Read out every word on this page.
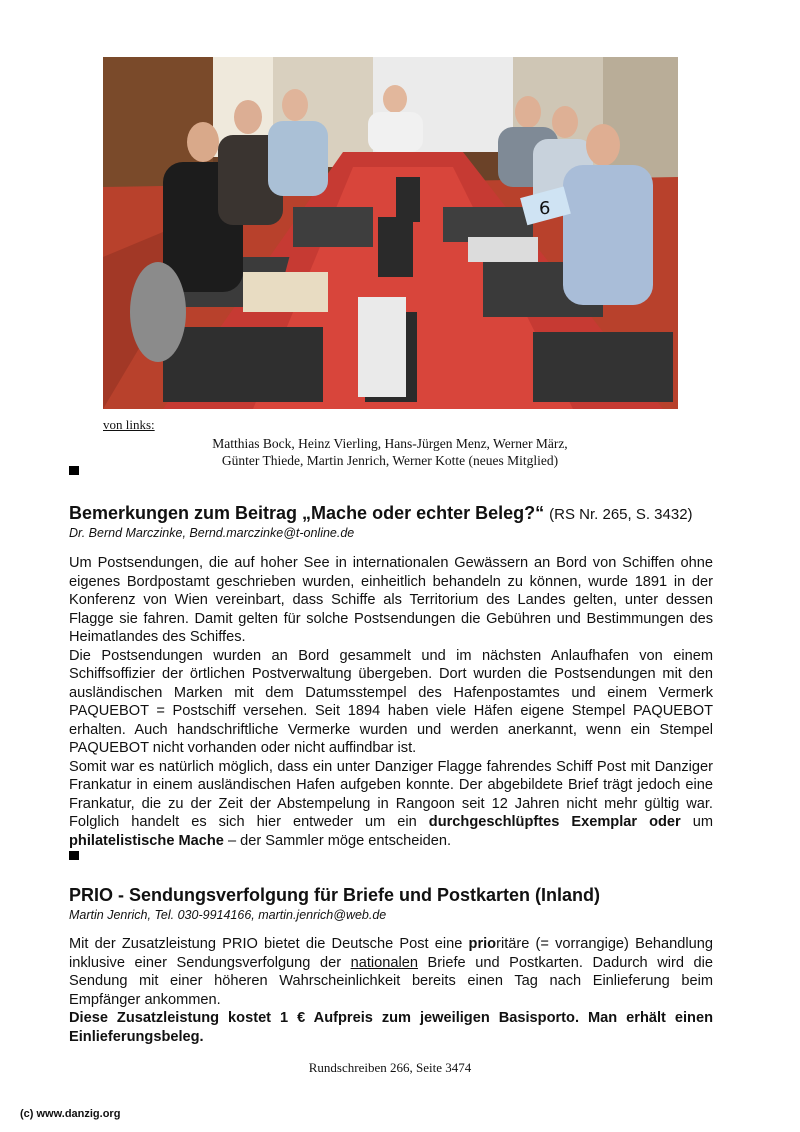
6
von links:
Matthias Bock, Heinz Vierling, Hans-Jürgen Menz, Werner März,
Günter Thiede, Martin Jenrich, Werner Kotte (neues Mitglied)
Bemerkungen zum Beitrag „Mache oder echter Beleg?“ (RS Nr. 265, S. 3432)
Dr. Bernd Marczinke, Bernd.marczinke@t-online.de

Um Postsendungen, die auf hoher See in internationalen Gewässern an Bord von Schiffen ohne eigenes Bordpostamt geschrieben wurden, einheitlich behandeln zu können, wurde 1891 in der Konferenz von Wien vereinbart, dass Schiffe als Territorium des Landes gelten, unter dessen Flagge sie fahren. Damit gelten für solche Postsendungen die Gebühren und Bestimmungen des Heimatlandes des Schiffes.

Die Postsendungen wurden an Bord gesammelt und im nächsten Anlaufhafen von einem Schiffsoffizier der örtlichen Postverwaltung übergeben. Dort wurden die Postsendungen mit den ausländischen Marken mit dem Datumsstempel des Hafenpostamtes und einem Vermerk PAQUEBOT = Postschiff versehen. Seit 1894 haben viele Häfen eigene Stempel PAQUEBOT erhalten. Auch handschriftliche Vermerke wurden und werden anerkannt, wenn ein Stempel PAQUEBOT nicht vorhanden oder nicht auffindbar ist.

Somit war es natürlich möglich, dass ein unter Danziger Flagge fahrendes Schiff Post mit Danziger Frankatur in einem ausländischen Hafen aufgeben konnte. Der abgebildete Brief trägt jedoch eine Frankatur, die zu der Zeit der Abstempelung in Rangoon seit 12 Jahren nicht mehr gültig war. Folglich handelt es sich hier entweder um ein durchgeschlüpftes Exemplar oder um philatelistische Mache – der Sammler möge entscheiden.

PRIO - Sendungsverfolgung für Briefe und Postkarten (Inland)
Martin Jenrich, Tel. 030-9914166, martin.jenrich@web.de

Mit der Zusatzleistung PRIO bietet die Deutsche Post eine prioritäre (= vorrangige) Behandlung inklusive einer Sendungsverfolgung der nationalen Briefe und Postkarten. Dadurch wird die Sendung mit einer höheren Wahrscheinlichkeit bereits einen Tag nach Einlieferung beim Empfänger ankommen.

Diese Zusatzleistung kostet 1 € Aufpreis zum jeweiligen Basisporto. Man erhält einen Einlieferungsbeleg.

Rundschreiben 266, Seite 3474
(c) www.danzig.org
